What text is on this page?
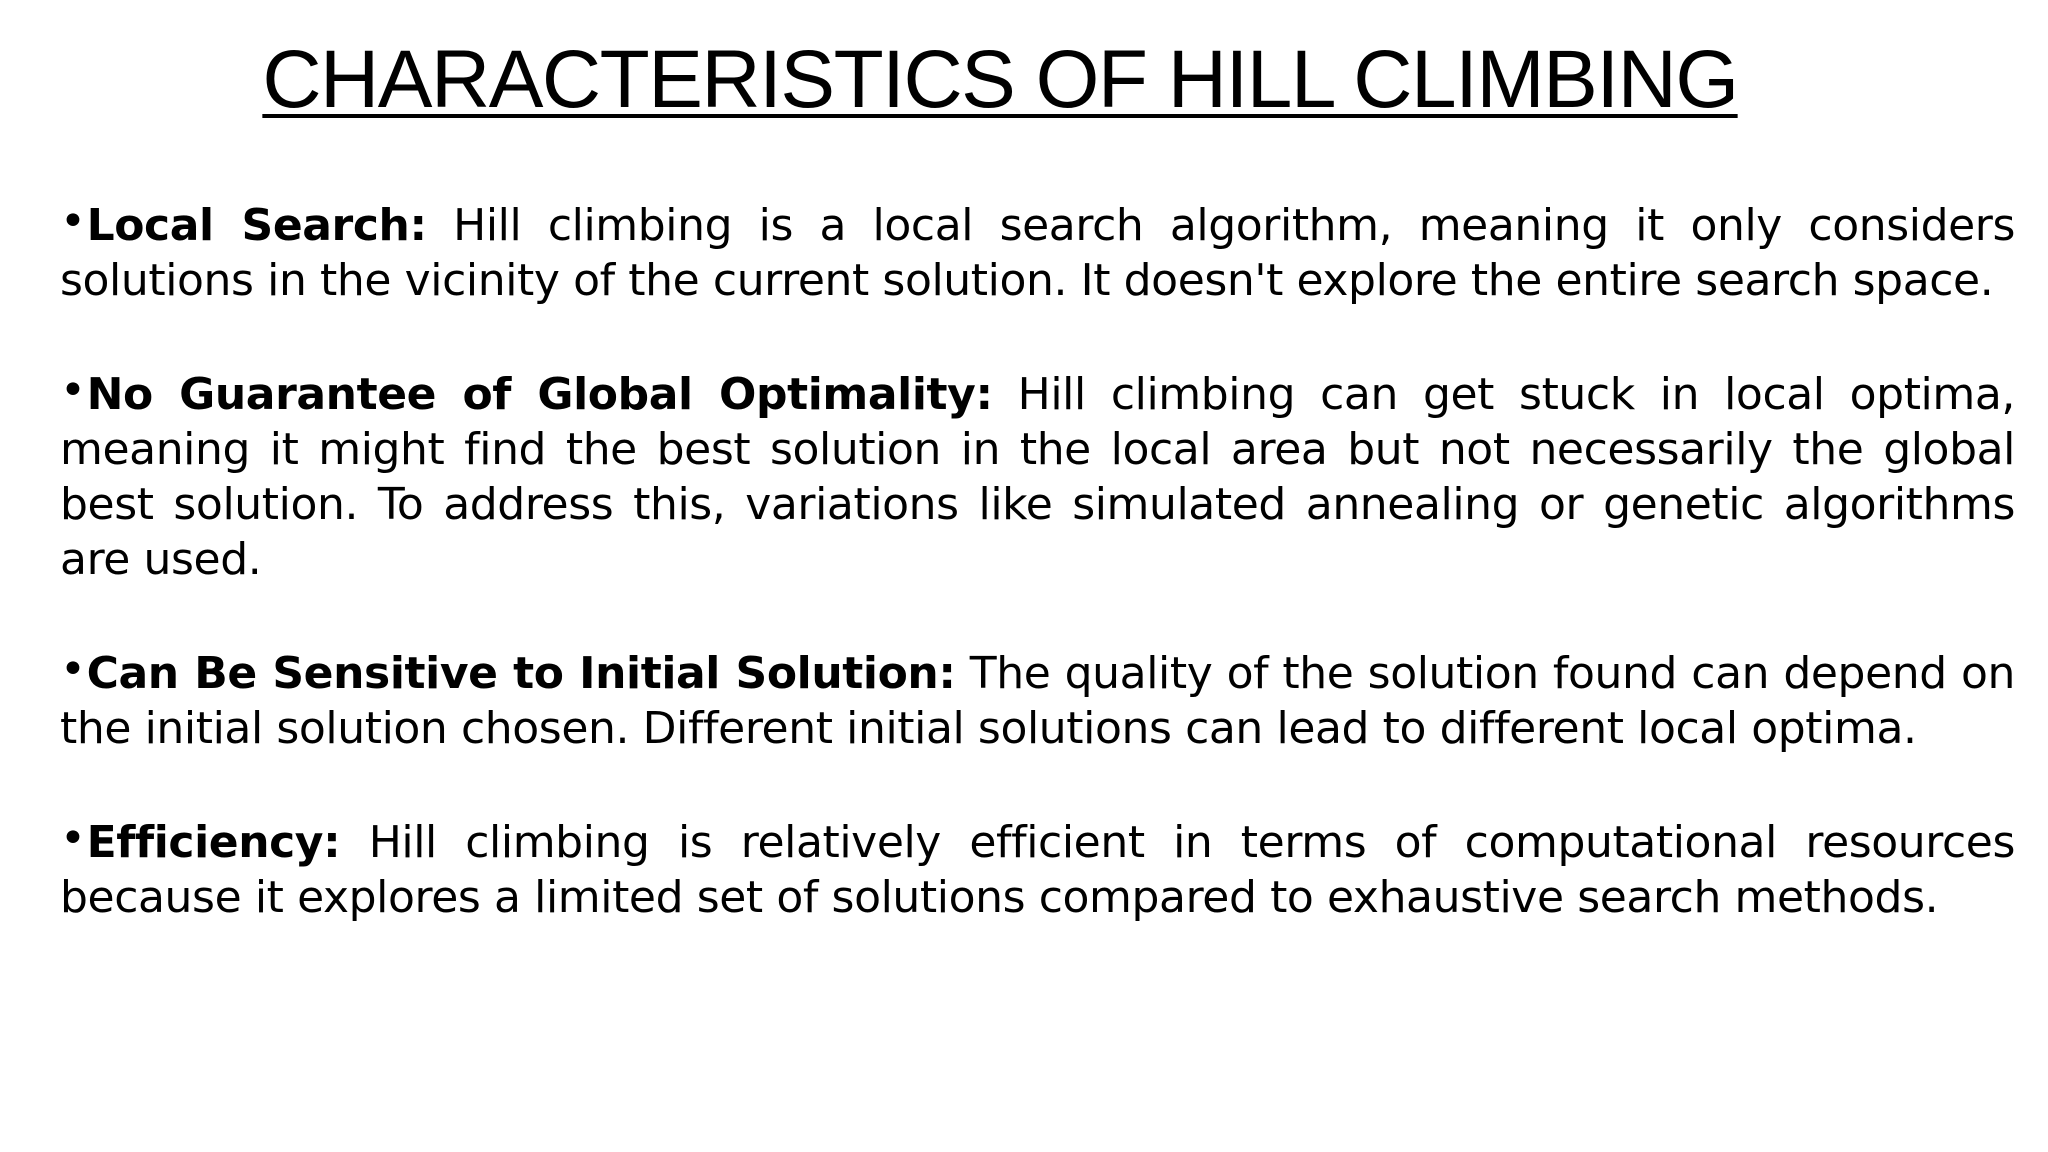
CHARACTERISTICS OF HILL CLIMBING
•Local Search: Hill climbing is a local search algorithm, meaning it only considers solutions in the vicinity of the current solution. It doesn't explore the entire search space.
•No Guarantee of Global Optimality: Hill climbing can get stuck in local optima, meaning it might find the best solution in the local area but not necessarily the global best solution. To address this, variations like simulated annealing or genetic algorithms are used.
•Can Be Sensitive to Initial Solution: The quality of the solution found can depend on the initial solution chosen. Different initial solutions can lead to different local optima.
•Efficiency: Hill climbing is relatively efficient in terms of computational resources because it explores a limited set of solutions compared to exhaustive search methods.
